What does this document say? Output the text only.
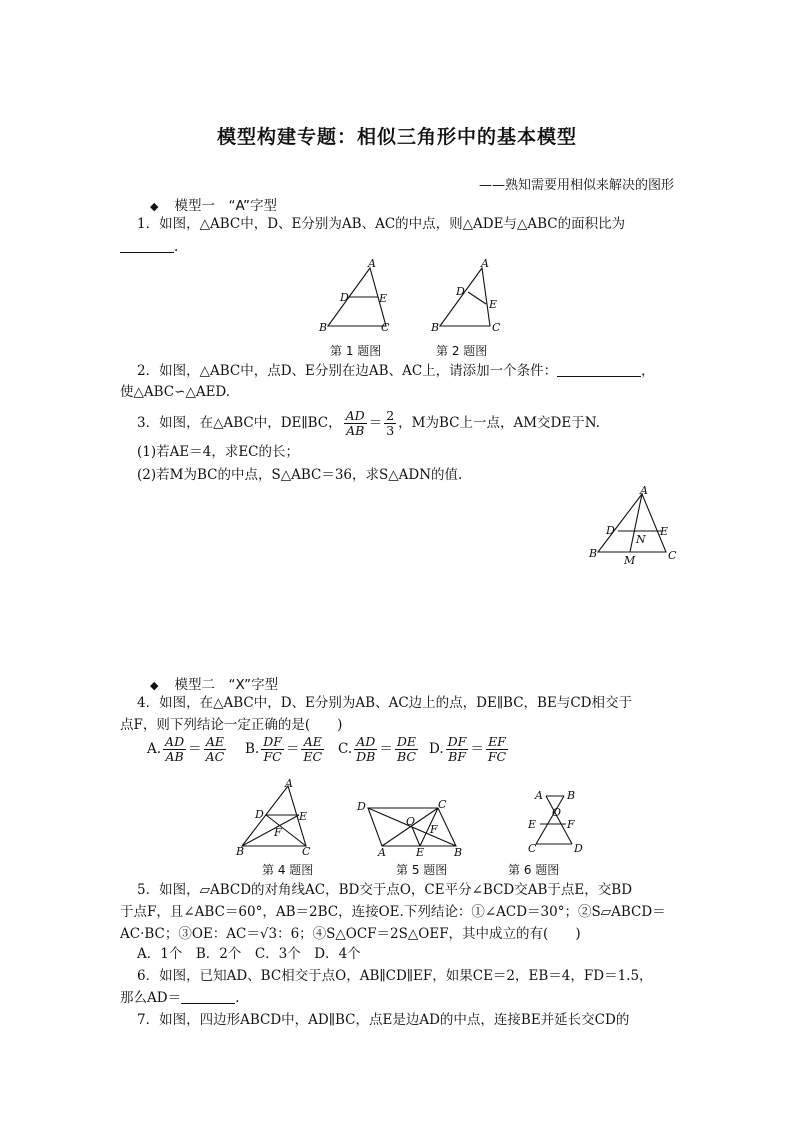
模型构建专题：相似三角形中的基本模型
——熟知需要用相似来解决的图形
◆ 模型一　“A”字型
1．如图，△ABC中，D、E分别为AB、AC的中点，则△ADE与△ABC的面积比为
.
A
D	E
B	C
A
D
E
B	C
第 1 题图	第 2 题图
2．如图，△ABC中，点D、E分别在边AB、AC上，请添加一个条件：	，
使△ABC∽△AED.
3．如图，在△ABC中，DE∥BC， $\frac{AD}{AB} = \frac{2}{3}$ ，M为BC上一点，AM交DE于N.
(1)若AE＝4，求EC的长；
(2)若M为BC的中点，S△ABC＝36，求S△ADN的值.
A
D	E
N
B	C
M
◆ 模型二　“X”字型
4．如图，在△ABC中，D、E分别为AB、AC边上的点，DE∥BC，BE与CD相交于
点F，则下列结论一定正确的是(　　)
A. $\frac{AD}{AB} = \frac{AE}{AC} B$. $\frac{DF}{FC} = \frac{AE}{EC} C$. $\frac{AD}{DB} = \frac{DE}{BC} D$. $\frac{DF}{BF} = \frac{EF}{FC}$
A
D	E
F
B	C
D	C
O
F
A	E	B
A B
O
E	F
C	D
第 4 题图	第 5 题图	第 6 题图
5．如图，▱ABCD的对角线AC，BD交于点O，CE平分∠BCD交AB于点E，交BD
于点F，且∠ABC＝60°，AB＝2BC，连接OE.下列结论：①∠ACD＝30°；②S▱ABCD＝
AC·BC；③OE：AC＝√3：6；④S△OCF＝2S△OEF，其中成立的有(　　)
A．1个　B．2个　C．3个　D．4个
6．如图，已知AD、BC相交于点O，AB∥CD∥EF，如果CE＝2，EB＝4，FD＝1.5，
那么AD＝	.
7．如图，四边形ABCD中，AD∥BC，点E是边AD的中点，连接BE并延长交CD的
